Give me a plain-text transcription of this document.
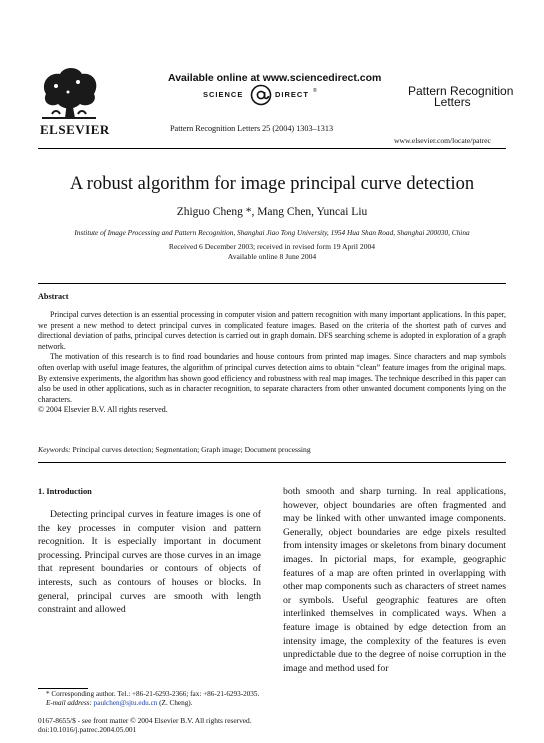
ELSEVIER
Available online at www.sciencedirect.com
SCIENCE	DIRECT ®
Pattern Recognition Letters 25 (2004) 1303–1313
Pattern Recognition
Letters
www.elsevier.com/locate/patrec
A robust algorithm for image principal curve detection
Zhiguo Cheng *, Mang Chen, Yuncai Liu
Institute of Image Processing and Pattern Recognition, Shanghai Jiao Tong University, 1954 Hua Shan Road, Shanghai 200030, China
Received 6 December 2003; received in revised form 19 April 2004
Available online 8 June 2004
Abstract

Principal curves detection is an essential processing in computer vision and pattern recognition with many important applications. In this paper, we present a new method to detect principal curves in complicated feature images. Based on the criteria of the shortest path of curves and directional deviation of paths, principal curves detection is carried out in graph domain. DFS searching scheme is adopted in exploration of a graph network.

The motivation of this research is to find road boundaries and house contours from printed map images. Since characters and map symbols often overlap with useful image features, the algorithm of principal curves detection aims to obtain “clean” feature images from the original maps. By extensive experiments, the algorithm has shown good efficiency and robustness with real map images. The technique described in this paper can also be used in other applications, such as in character recognition, to separate characters from other unwanted document components lying on the characters.

© 2004 Elsevier B.V. All rights reserved.

Keywords: Principal curves detection; Segmentation; Graph image; Document processing
1. Introduction

Detecting principal curves in feature images is one of the key processes in computer vision and pattern recognition. It is especially important in document processing. Principal curves are those curves in an image that represent boundaries or contours of objects of interests, such as contours of houses or blocks. In general, principal curves are smooth with length constraint and allowed

both smooth and sharp turning. In real applications, however, object boundaries are often fragmented and may be linked with other unwanted image components. Generally, object boundaries are edge pixels resulted from intensity images or skeletons from binary document images. In pictorial maps, for example, geographic features of a map are often printed in overlapping with other map components such as characters of street names or symbols. Useful geographic features are often interlinked themselves in complicated ways. When a feature image is obtained by edge detection from an intensity image, the complexity of the features is even unpredictable due to the degree of noise corruption in the image and method used for

* Corresponding author. Tel.: +86-21-6293-2366; fax: +86-21-6293-2035.
E-mail address: paulchen@sjtu.edu.cn (Z. Cheng).
0167-8655/$ - see front matter © 2004 Elsevier B.V. All rights reserved.
doi:10.1016/j.patrec.2004.05.001
